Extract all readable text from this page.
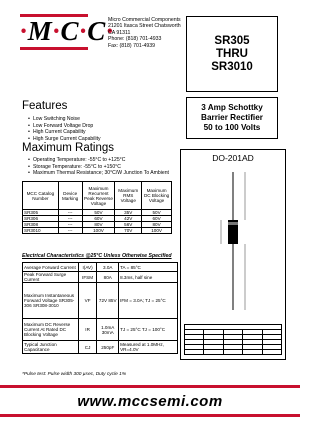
·M·C·C·
Micro Commercial Components
21201 Itasca Street Chatsworth
CA 91311
Phone: (818) 701-4933
Fax: (818) 701-4939	SR305
THRU
SR3010
3 Amp Schottky
Barrier Rectifier
50 to 100 Volts
DO-201AD

Features
• Low Switching Noise
• Low Forward Voltage Drop
• High Current Capability
• High Surge Current Capability
Maximum Ratings
• Operating Temperature: -55°C to +125°C
• Storage Temperature: -55°C to +150°C
• Maximum Thermal Resistance; 30°C/W Junction To Ambient
MCC Catalog Number	Device Marking	Maximum Recurrent Peak Reverse Voltage	Maximum RMS Voltage	Maximum DC Blocking Voltage
SR305	---	50V	35V	50V
SR306	---	60V	42V	60V
SR308	---	80V	56V	80V
SR3010	---	100V	70V	100V
Electrical Characteristics @25°C Unless Otherwise Specified
Average Forward Current	I(AV)	3.0A	TA = 85°C
Peak Forward Surge Current	IFSM	80A	8.3ms, half sine
Maximum Instantaneous Forward Voltage SR305-306 SR308-3010	VF	72V 85V	IFM = 3.0A; TJ = 25°C
Maximum DC Reverse Current At Rated DC Blocking Voltage	IR	1.0mA 30mA	TJ = 25°C TJ = 100°C
Typical Junction Capacitance	CJ	250pF	Measured at 1.0MHz, VR=4.0V
*Pulse test: Pulse width 300 µsec, Duty cycle 1%
www.mccsemi.com
